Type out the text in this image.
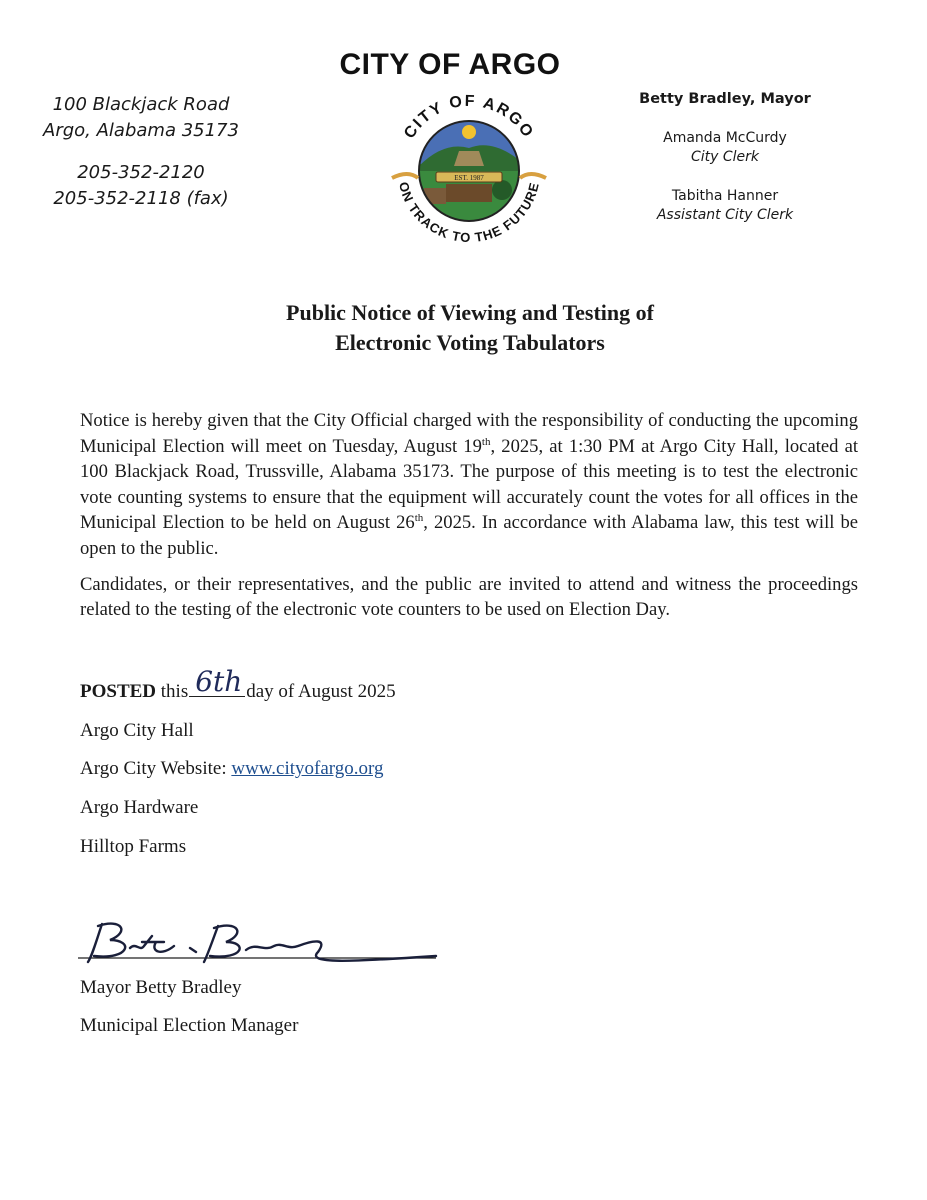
CITY OF ARGO
100 Blackjack Road
Argo, Alabama 35173
205-352-2120
205-352-2118 (fax)
EST. 1987
CITY OF ARGO
ON TRACK TO THE FUTURE
Betty Bradley, Mayor
Amanda McCurdy
City Clerk
Tabitha Hanner
Assistant City Clerk
Public Notice of Viewing and Testing of
Electronic Voting Tabulators

Notice is hereby given that the City Official charged with the responsibility of conducting the upcoming Municipal Election will meet on Tuesday, August 19th, 2025, at 1:30 PM at Argo City Hall, located at 100 Blackjack Road, Trussville, Alabama 35173. The purpose of this meeting is to test the electronic vote counting systems to ensure that the equipment will accurately count the votes for all offices in the Municipal Election to be held on August 26th, 2025. In accordance with Alabama law, this test will be open to the public.

Candidates, or their representatives, and the public are invited to attend and witness the proceedings related to the testing of the electronic vote counters to be used on Election Day.

POSTED this 6th day of August 2025
Argo City Hall
Argo City Website: www.cityofargo.org
Argo Hardware
Hilltop Farms
Mayor Betty Bradley
Municipal Election Manager
